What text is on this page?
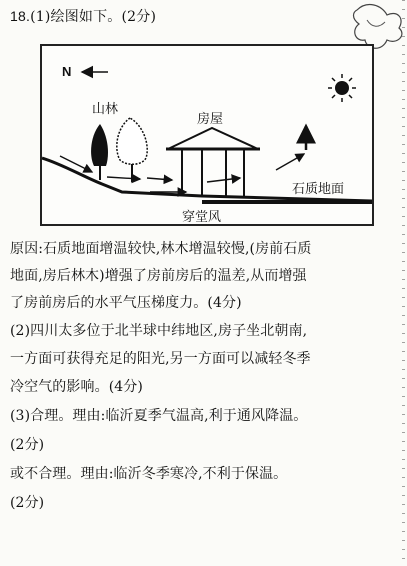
18.(1)绘图如下。(2分)
N
山林
房屋
石质地面
穿堂风
原因:石质地面增温较快,林木增温较慢,(房前石质
地面,房后林木)增强了房前房后的温差,从而增强
了房前房后的水平气压梯度力。(4分)
(2)四川太多位于北半球中纬地区,房子坐北朝南,
一方面可获得充足的阳光,另一方面可以减轻冬季
冷空气的影响。(4分)
(3)合理。理由:临沂夏季气温高,利于通风降温。
(2分)
或不合理。理由:临沂冬季寒冷,不利于保温。
(2分)
